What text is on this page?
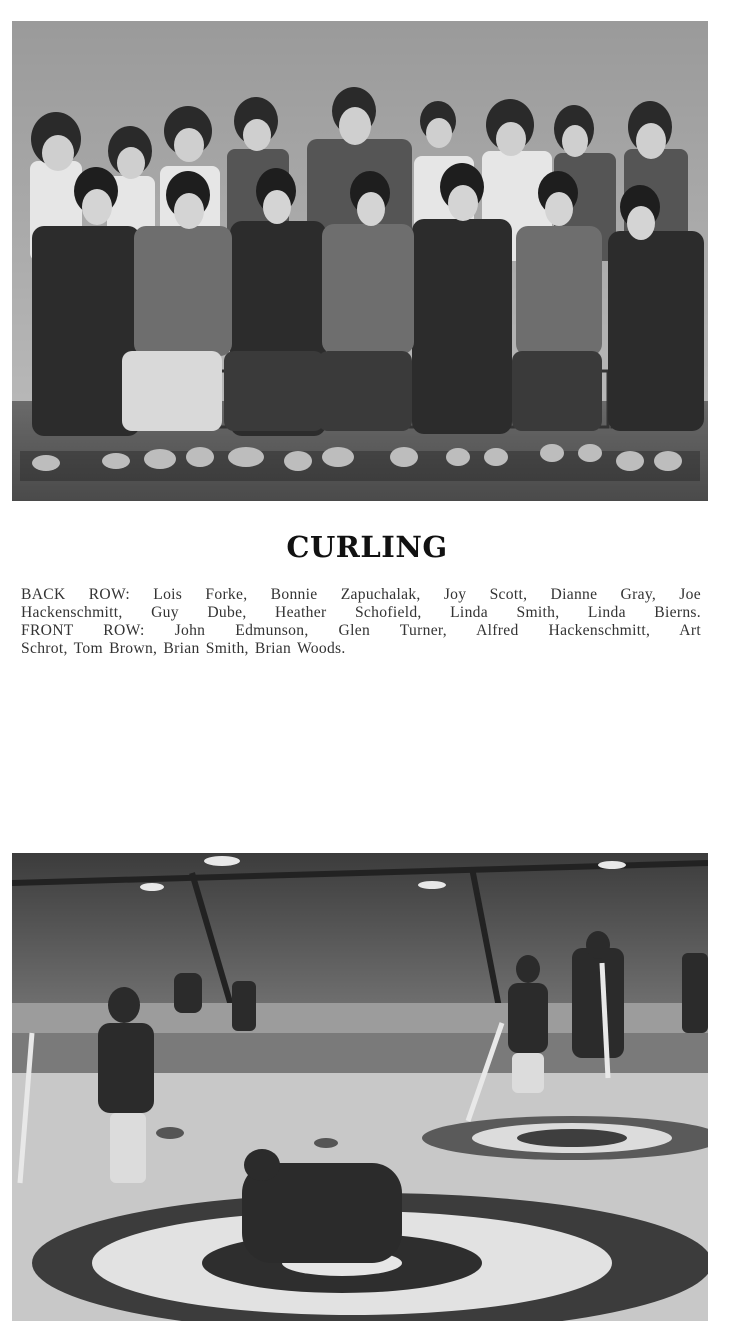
CURLING
BACK ROW: Lois Forke, Bonnie Zapuchalak, Joy Scott, Dianne Gray, Joe
Hackenschmitt, Guy Dube, Heather Schofield, Linda Smith, Linda Bierns.
FRONT ROW: John Edmunson, Glen Turner, Alfred Hackenschmitt, Art
Schrot, Tom Brown, Brian Smith, Brian Woods.
